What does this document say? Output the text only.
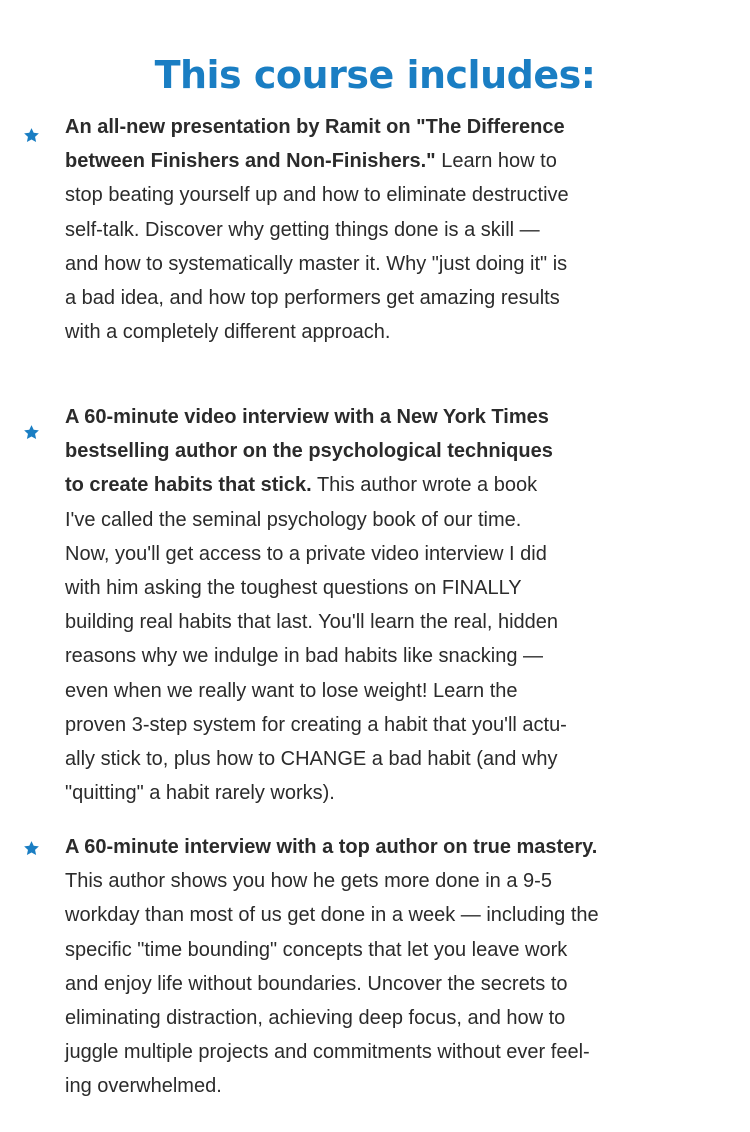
This course includes:
An all-new presentation by Ramit on "The Difference
between Finishers and Non-Finishers." Learn how to
stop beating yourself up and how to eliminate destructive
self-talk. Discover why getting things done is a skill —
and how to systematically master it. Why "just doing it" is
a bad idea, and how top performers get amazing results
with a completely different approach.
A 60-minute video interview with a New York Times
bestselling author on the psychological techniques
to create habits that stick. This author wrote a book
I've called the seminal psychology book of our time.
Now, you'll get access to a private video interview I did
with him asking the toughest questions on FINALLY
building real habits that last. You'll learn the real, hidden
reasons why we indulge in bad habits like snacking —
even when we really want to lose weight! Learn the
proven 3-step system for creating a habit that you'll actu-
ally stick to, plus how to CHANGE a bad habit (and why
"quitting" a habit rarely works).
A 60-minute interview with a top author on true mastery.
This author shows you how he gets more done in a 9-5
workday than most of us get done in a week — including the
specific "time bounding" concepts that let you leave work
and enjoy life without boundaries. Uncover the secrets to
eliminating distraction, achieving deep focus, and how to
juggle multiple projects and commitments without ever feel-
ing overwhelmed.
